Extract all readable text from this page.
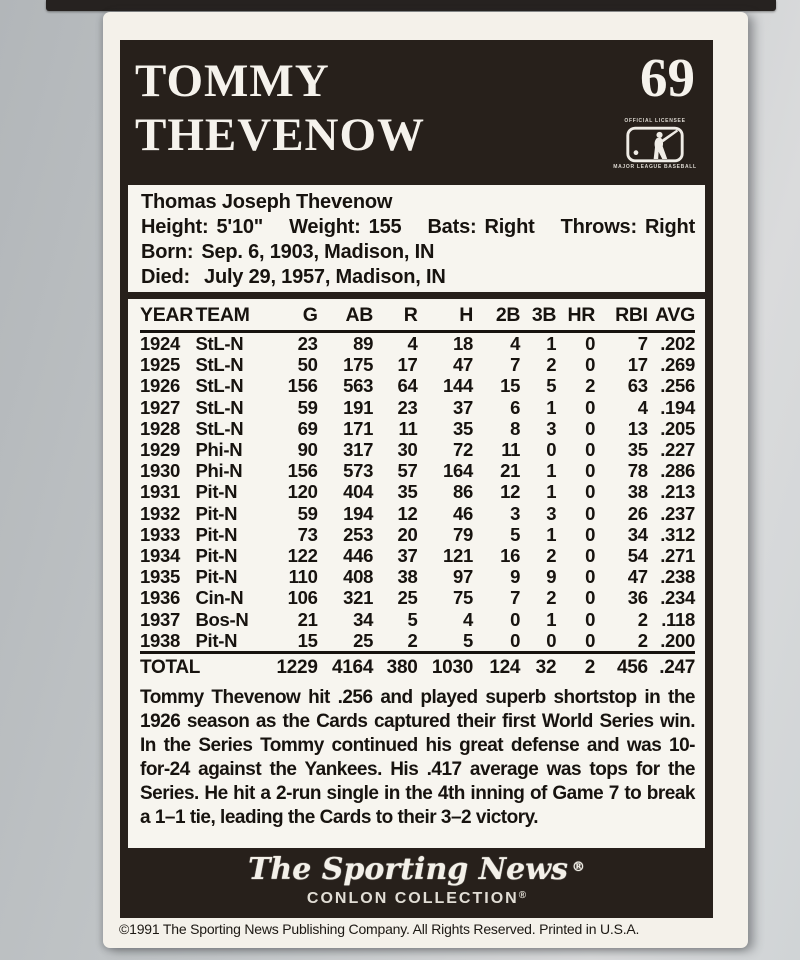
TOMMY
THEVENOW
69
OFFICIAL LICENSEE
MAJOR LEAGUE BASEBALL
Thomas Joseph Thevenow
Height: 5'10" Weight: 155 Bats: Right Throws: Right
Born: Sep. 6, 1903, Madison, IN
Died: July 29, 1957, Madison, IN
YEAR	TEAM	G	AB	R	H	2B	3B	HR	RBI	AVG
1924	StL-N	23	89	4	18	4	1	0	7	.202
1925	StL-N	50	175	17	47	7	2	0	17	.269
1926	StL-N	156	563	64	144	15	5	2	63	.256
1927	StL-N	59	191	23	37	6	1	0	4	.194
1928	StL-N	69	171	11	35	8	3	0	13	.205
1929	Phi-N	90	317	30	72	11	0	0	35	.227
1930	Phi-N	156	573	57	164	21	1	0	78	.286
1931	Pit-N	120	404	35	86	12	1	0	38	.213
1932	Pit-N	59	194	12	46	3	3	0	26	.237
1933	Pit-N	73	253	20	79	5	1	0	34	.312
1934	Pit-N	122	446	37	121	16	2	0	54	.271
1935	Pit-N	110	408	38	97	9	9	0	47	.238
1936	Cin-N	106	321	25	75	7	2	0	36	.234
1937	Bos-N	21	34	5	4	0	1	0	2	.118
1938	Pit-N	15	25	2	5	0	0	0	2	.200
TOTAL		1229	4164	380	1030	124	32	2	456	.247
Tommy Thevenow hit .256 and played superb shortstop in the 1926 season as the Cards captured their first World Series win. In the Series Tommy continued his great defense and was 10-for-24 against the Yankees. His .417 average was tops for the Series. He hit a 2-run single in the 4th inning of Game 7 to break a 1–1 tie, leading the Cards to their 3–2 victory.
The Sporting News ®
CONLON COLLECTION®
©1991 The Sporting News Publishing Company. All Rights Reserved. Printed in U.S.A.
